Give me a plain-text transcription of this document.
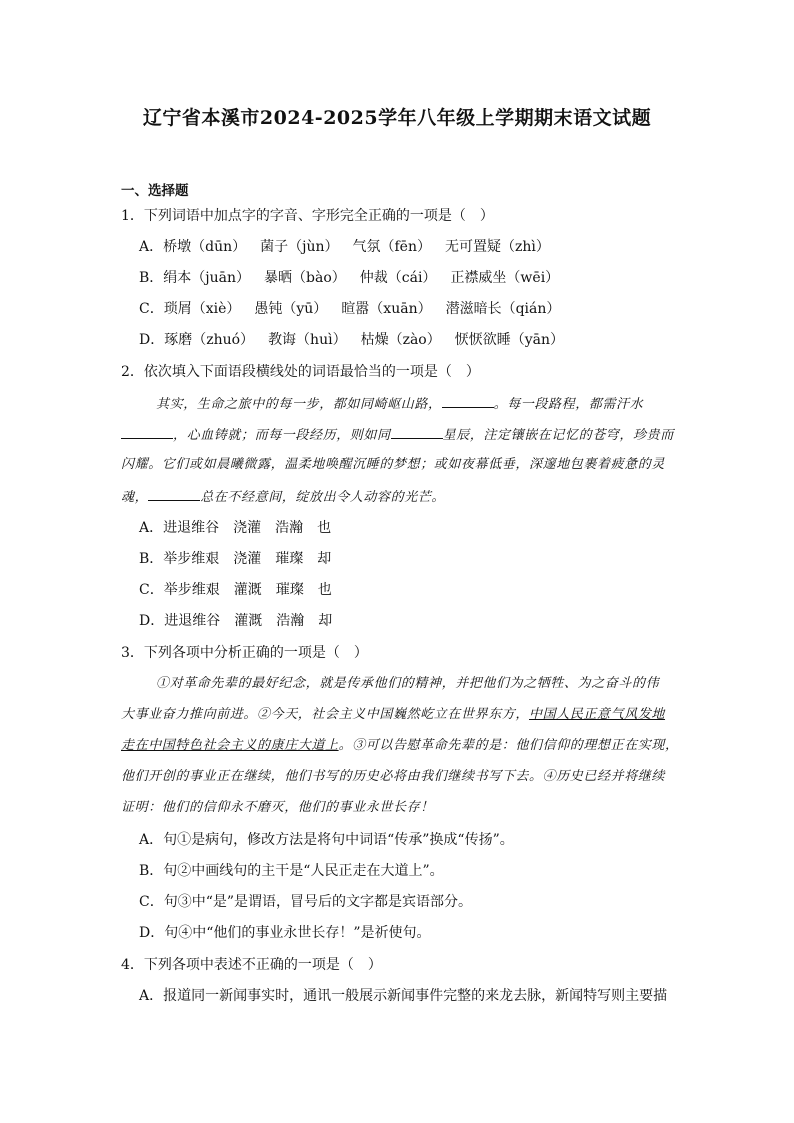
辽宁省本溪市2024-2025学年八年级上学期期末语文试题
一、选择题
1．下列词语中加点字的字音、字形完全正确的一项是（　）
A．桥墩（dūn） 菌子（jùn） 气氛（fēn） 无可置疑（zhì）
B．绢本（juān） 暴晒（bào） 仲裁（cái） 正襟威坐（wēi）
C．琐屑（xiè） 愚钝（yū） 暄嚣（xuān） 潜滋暗长（qián）
D．琢磨（zhuó） 教诲（huì） 枯燥（zào） 恹恹欲睡（yān）
2．依次填入下面语段横线处的词语最恰当的一项是（　）
其实，生命之旅中的每一步，都如同崎岖山路，	。每一段路程，都需汗水
，心血铸就；而每一段经历，则如同	星辰，注定镶嵌在记忆的苍穹，珍贵而
闪耀。它们或如晨曦微露，温柔地唤醒沉睡的梦想；或如夜幕低垂，深邃地包裹着疲惫的灵
魂，	总在不经意间，绽放出令人动容的光芒。
A．进退维谷　浇灌　浩瀚　也
B．举步维艰　浇灌　璀璨　却
C．举步维艰　灌溉　璀璨　也
D．进退维谷　灌溉　浩瀚　却
3．下列各项中分析正确的一项是（　）
①对革命先辈的最好纪念，就是传承他们的精神，并把他们为之牺牲、为之奋斗的伟
大事业奋力推向前进。②今天，社会主义中国巍然屹立在世界东方，中国人民正意气风发地
走在中国特色社会主义的康庄大道上。③可以告慰革命先辈的是：他们信仰的理想正在实现，
他们开创的事业正在继续，他们书写的历史必将由我们继续书写下去。④历史已经并将继续
证明：他们的信仰永不磨灭，他们的事业永世长存！
A．句①是病句，修改方法是将句中词语“传承”换成“传扬”。
B．句②中画线句的主干是“人民正走在大道上”。
C．句③中“是”是谓语，冒号后的文字都是宾语部分。
D．句④中“他们的事业永世长存！”是祈使句。
4．下列各项中表述不正确的一项是（　）
A．报道同一新闻事实时，通讯一般展示新闻事件完整的来龙去脉，新闻特写则主要描
